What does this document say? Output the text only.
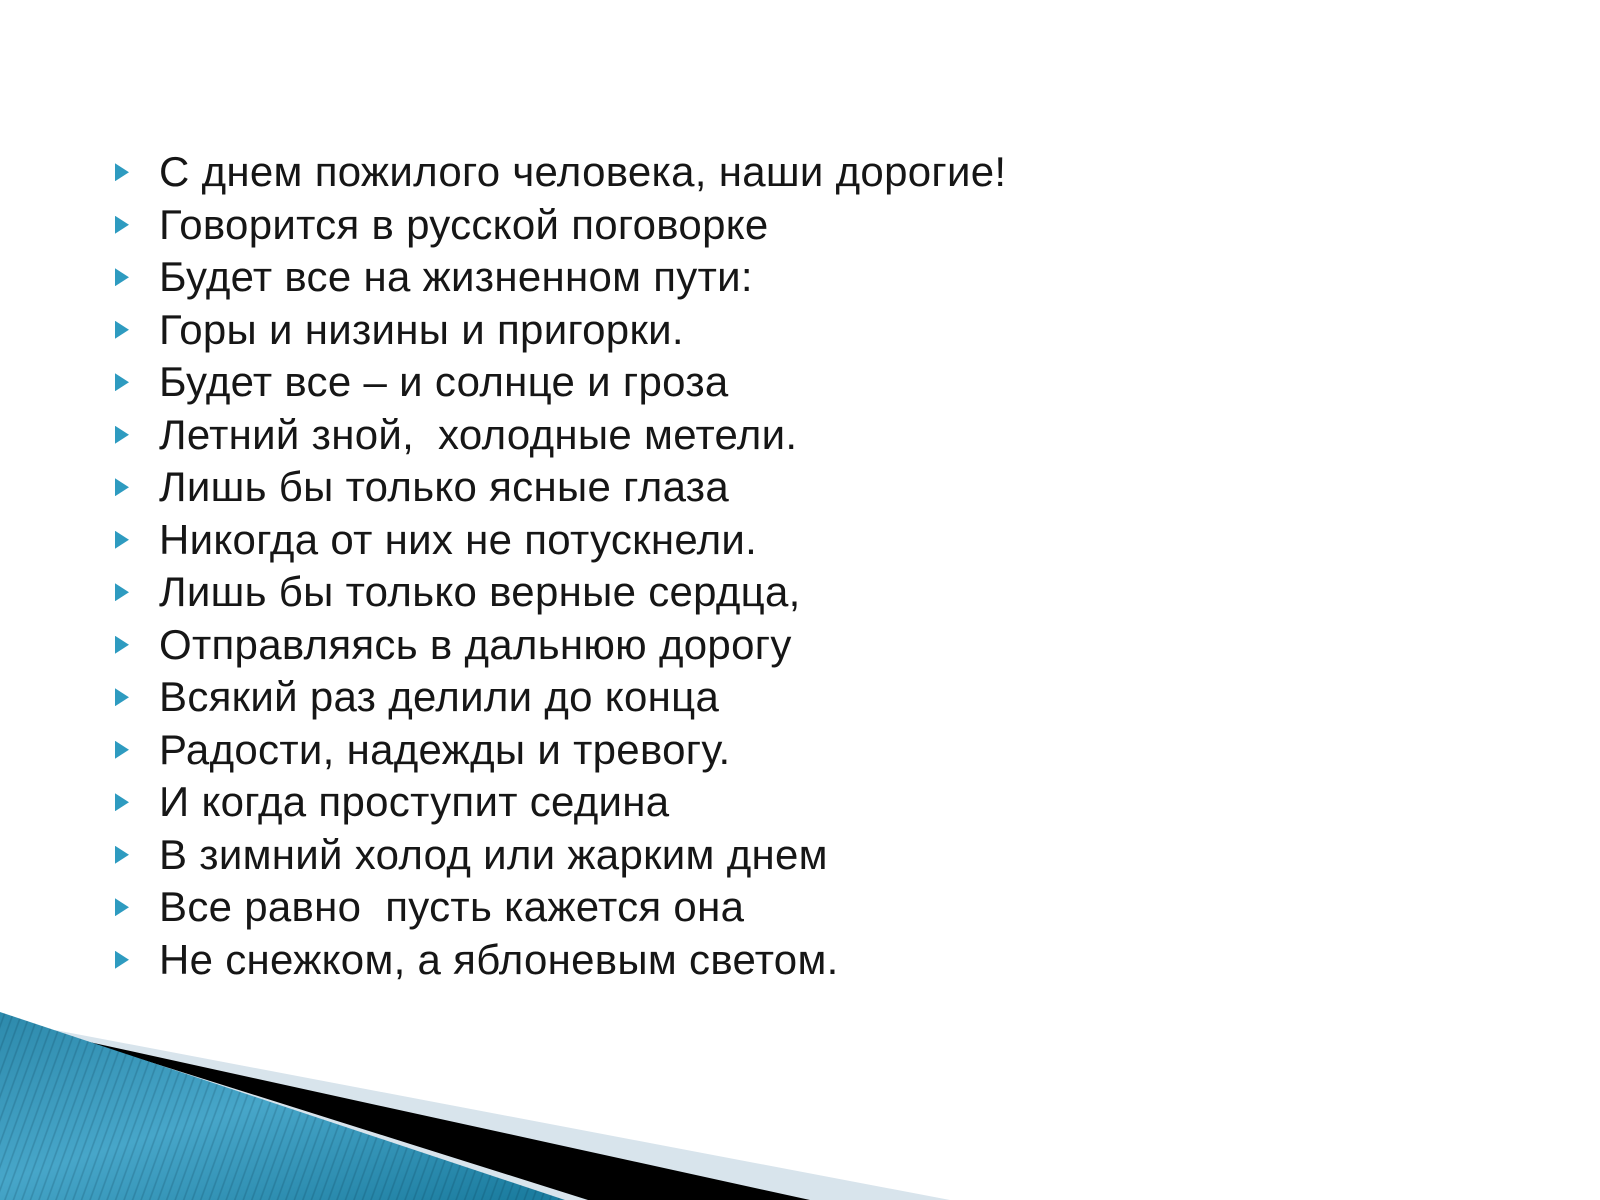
С днем пожилого человека, наши дорогие!
Говорится в русской поговорке
Будет все на жизненном пути:
Горы и низины и пригорки.
Будет все – и солнце и гроза
Летний зной,  холодные метели.
Лишь бы только ясные глаза
Никогда от них не потускнели.
Лишь бы только верные сердца,
Отправляясь в дальнюю дорогу
Всякий раз делили до конца
Радости, надежды и тревогу.
И когда проступит седина
В зимний холод или жарким днем
Все равно  пусть кажется она
Не снежком, а яблоневым светом.
